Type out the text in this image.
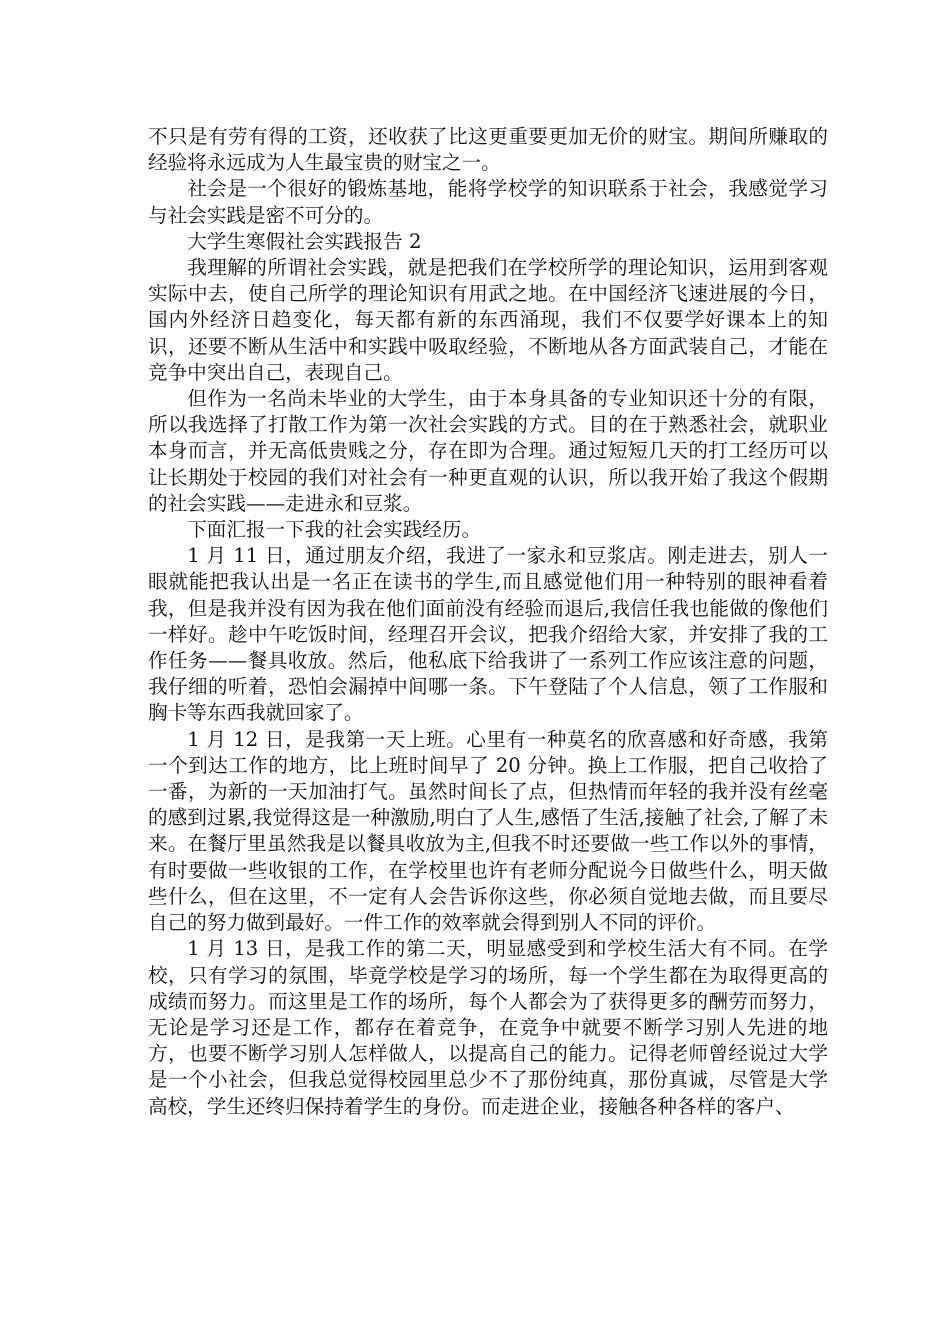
不只是有劳有得的工资，还收获了比这更重要更加无价的财宝。期间所赚取的经验将永远成为人生最宝贵的财宝之一。

社会是一个很好的锻炼基地，能将学校学的知识联系于社会，我感觉学习与社会实践是密不可分的。

大学生寒假社会实践报告 2

我理解的所谓社会实践，就是把我们在学校所学的理论知识，运用到客观实际中去，使自己所学的理论知识有用武之地。在中国经济飞速进展的今日，国内外经济日趋变化，每天都有新的东西涌现，我们不仅要学好课本上的知识，还要不断从生活中和实践中吸取经验，不断地从各方面武装自己，才能在竞争中突出自己，表现自己。

但作为一名尚未毕业的大学生，由于本身具备的专业知识还十分的有限，所以我选择了打散工作为第一次社会实践的方式。目的在于熟悉社会，就职业本身而言，并无高低贵贱之分，存在即为合理。通过短短几天的打工经历可以让长期处于校园的我们对社会有一种更直观的认识，所以我开始了我这个假期的社会实践——走进永和豆浆。

下面汇报一下我的社会实践经历。

1 月 11 日，通过朋友介绍，我进了一家永和豆浆店。刚走进去，别人一眼就能把我认出是一名正在读书的学生,而且感觉他们用一种特别的眼神看着我，但是我并没有因为我在他们面前没有经验而退后,我信任我也能做的像他们一样好。趁中午吃饭时间，经理召开会议，把我介绍给大家，并安排了我的工作任务——餐具收放。然后，他私底下给我讲了一系列工作应该注意的问题，我仔细的听着，恐怕会漏掉中间哪一条。下午登陆了个人信息，领了工作服和胸卡等东西我就回家了。

1 月 12 日，是我第一天上班。心里有一种莫名的欣喜感和好奇感，我第一个到达工作的地方，比上班时间早了 20 分钟。换上工作服，把自己收拾了一番，为新的一天加油打气。虽然时间长了点，但热情而年轻的我并没有丝毫的感到过累,我觉得这是一种激励,明白了人生,感悟了生活,接触了社会,了解了未来。在餐厅里虽然我是以餐具收放为主,但我不时还要做一些工作以外的事情，有时要做一些收银的工作，在学校里也许有老师分配说今日做些什么，明天做些什么，但在这里，不一定有人会告诉你这些，你必须自觉地去做，而且要尽自己的努力做到最好。一件工作的效率就会得到别人不同的评价。

1 月 13 日，是我工作的第二天，明显感受到和学校生活大有不同。在学校，只有学习的氛围，毕竟学校是学习的场所，每一个学生都在为取得更高的成绩而努力。而这里是工作的场所，每个人都会为了获得更多的酬劳而努力，无论是学习还是工作，都存在着竞争，在竞争中就要不断学习别人先进的地方，也要不断学习别人怎样做人，以提高自己的能力。记得老师曾经说过大学是一个小社会，但我总觉得校园里总少不了那份纯真，那份真诚，尽管是大学高校，学生还终归保持着学生的身份。而走进企业，接触各种各样的客户、
